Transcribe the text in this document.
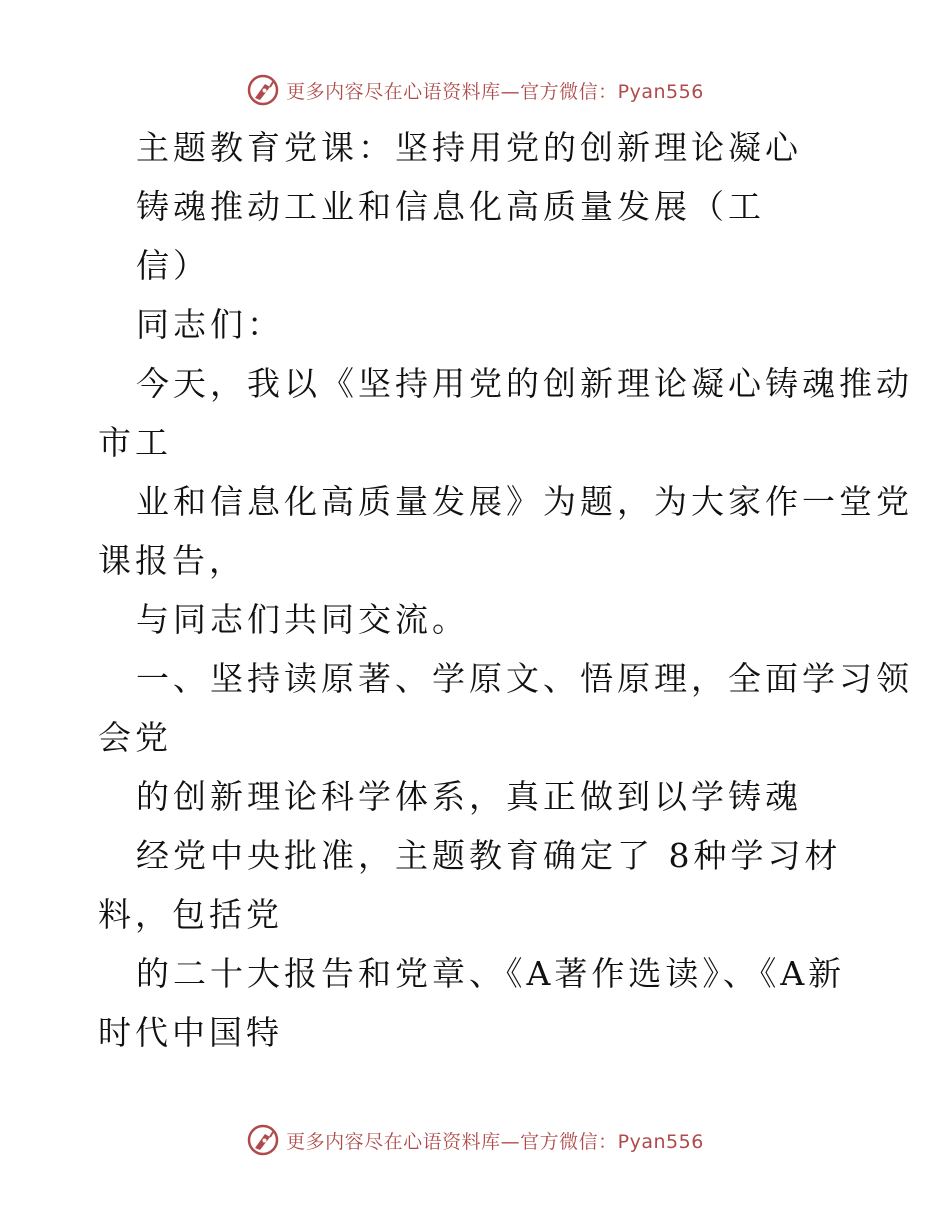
更多内容尽在心语资料库—官方微信：Pyan556
主题教育党课：坚持用党的创新理论凝心
铸魂推动工业和信息化高质量发展（工
信）
同志们：
今天，我以《坚持用党的创新理论凝心铸魂推动
市工
业和信息化高质量发展》为题，为大家作一堂党
课报告，
与同志们共同交流。
一、坚持读原著、学原文、悟原理，全面学习领
会党
的创新理论科学体系，真正做到以学铸魂
经党中央批准，主题教育确定了 8种学习材
料，包括党
的二十大报告和党章、《A著作选读》、《A新
时代中国特
更多内容尽在心语资料库—官方微信：Pyan556
